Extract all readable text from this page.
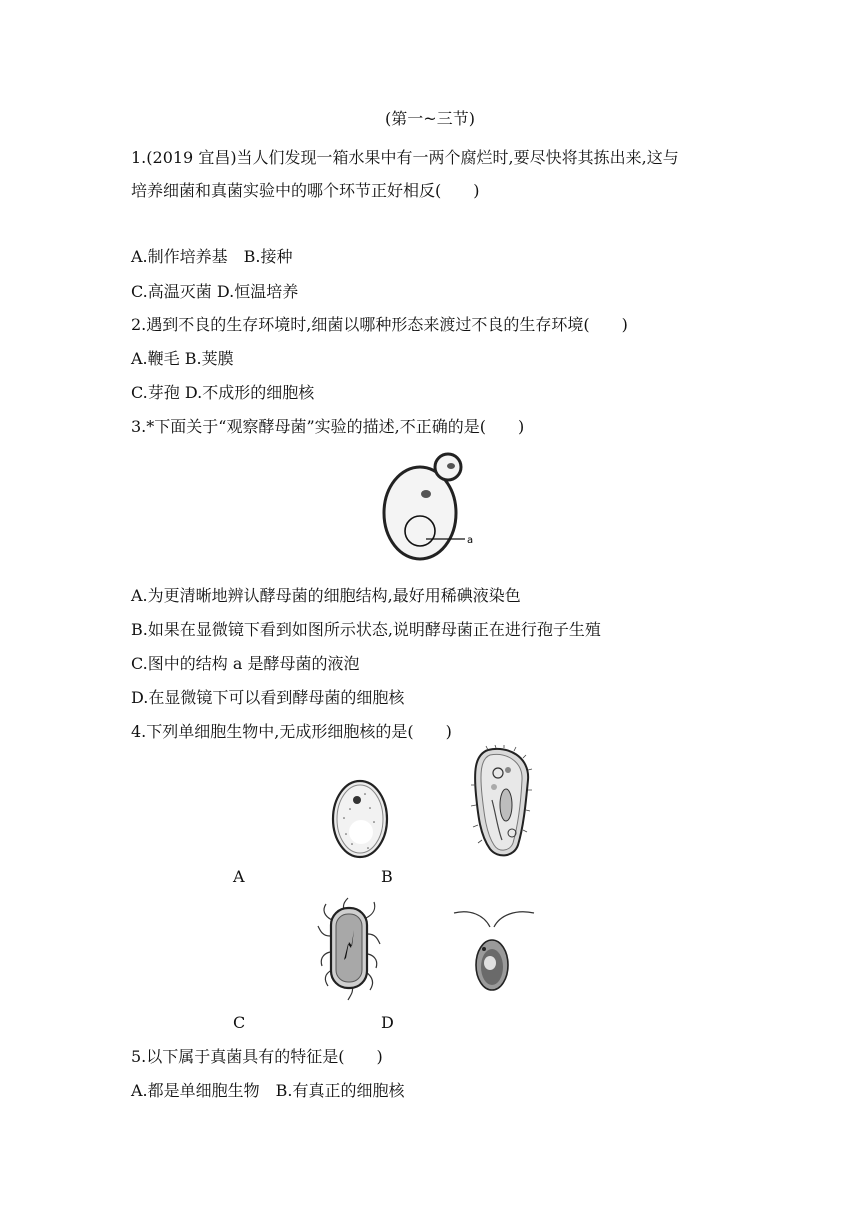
(第一~三节)
1.(2019 宜昌)当人们发现一箱水果中有一两个腐烂时,要尽快将其拣出来,这与
培养细菌和真菌实验中的哪个环节正好相反(　　)
A.制作培养基　B.接种
C.高温灭菌 D.恒温培养
2.遇到不良的生存环境时,细菌以哪种形态来渡过不良的生存环境(　　)
A.鞭毛 B.荚膜
C.芽孢 D.不成形的细胞核
3.*下面关于“观察酵母菌”实验的描述,不正确的是(　　)
a
A.为更清晰地辨认酵母菌的细胞结构,最好用稀碘液染色
B.如果在显微镜下看到如图所示状态,说明酵母菌正在进行孢子生殖
C.图中的结构 a 是酵母菌的液泡
D.在显微镜下可以看到酵母菌的细胞核
4.下列单细胞生物中,无成形细胞核的是(　　)
A	B
C	D
5.以下属于真菌具有的特征是(　　)
A.都是单细胞生物　B.有真正的细胞核
